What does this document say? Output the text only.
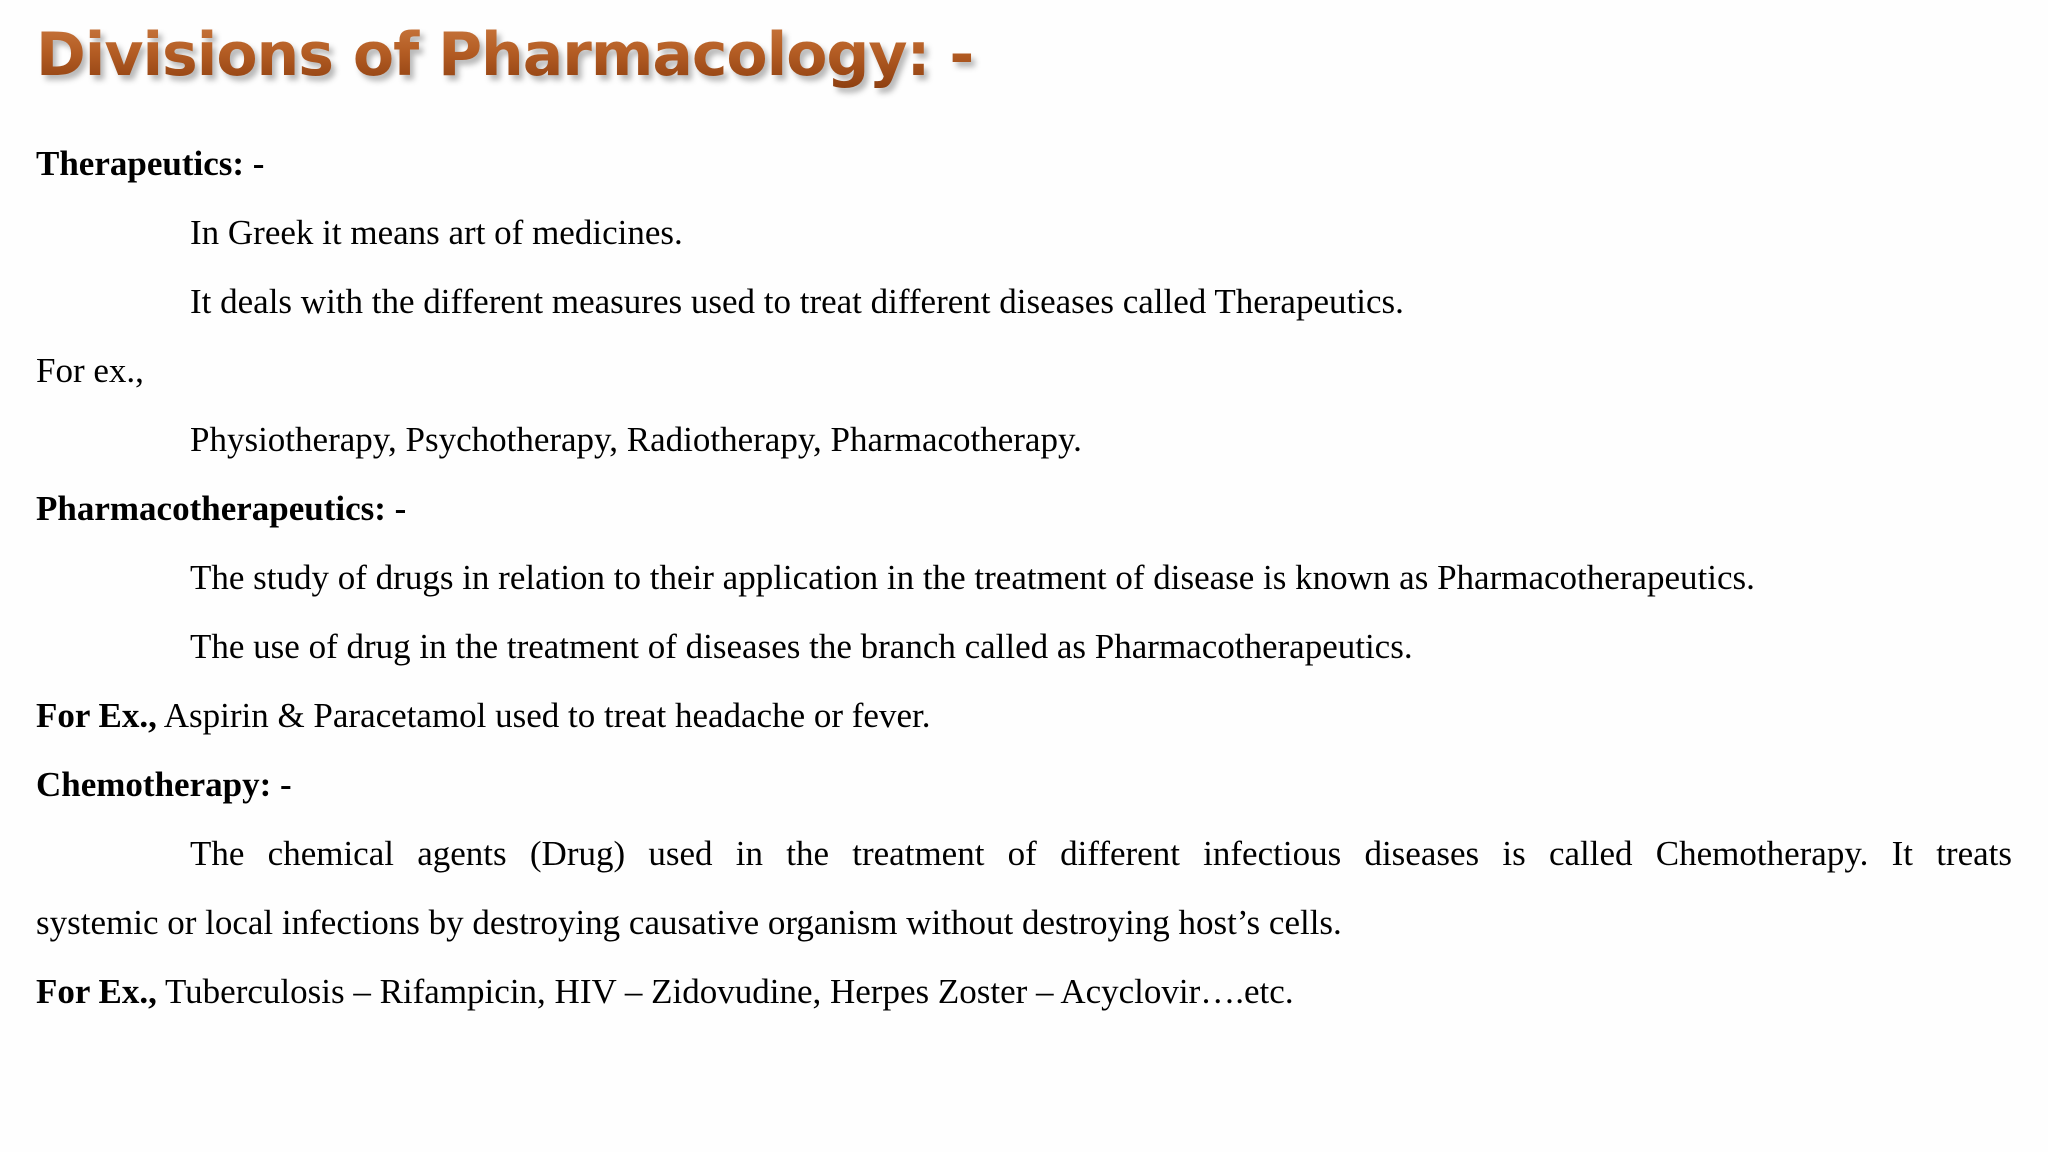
Divisions of Pharmacology: -
Therapeutics: -
In Greek it means art of medicines.
It deals with the different measures used to treat different diseases called Therapeutics.
For ex.,
Physiotherapy, Psychotherapy, Radiotherapy, Pharmacotherapy.
Pharmacotherapeutics: -
The study of drugs in relation to their application in the treatment of disease is known as Pharmacotherapeutics.
The use of drug in the treatment of diseases the branch called as Pharmacotherapeutics.
For Ex., Aspirin & Paracetamol used to treat headache or fever.
Chemotherapy: -
The chemical agents (Drug) used in the treatment of different infectious diseases is called Chemotherapy. It treats
systemic or local infections by destroying causative organism without destroying host’s cells.
For Ex., Tuberculosis – Rifampicin, HIV – Zidovudine, Herpes Zoster – Acyclovir….etc.
